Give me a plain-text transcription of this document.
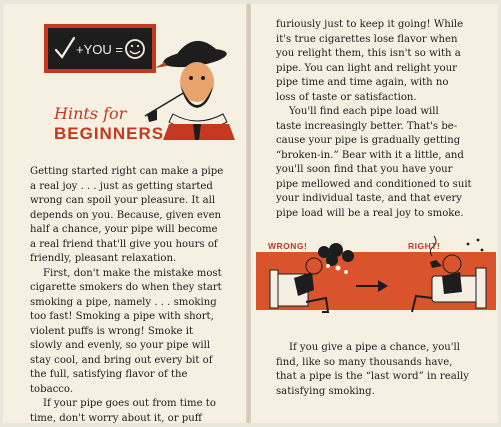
+YOU =
Hints for
BEGINNERS

Getting started right can make a pipe
a real joy . . . just as getting started
wrong can spoil your pleasure. It all
depends on you. Because, given even
half a chance, your pipe will become
a real friend that'll give you hours of
friendly, pleasant relaxation.

First, don't make the mistake most
cigarette smokers do when they start
smoking a pipe, namely . . . smoking
too fast! Smoking a pipe with short,
violent puffs is wrong! Smoke it
slowly and evenly, so your pipe will
stay cool, and bring out every bit of
the full, satisfying flavor of the
tobacco.

If your pipe goes out from time to
time, don't worry about it, or puff

furiously just to keep it going! While
it's true cigarettes lose flavor when
you relight them, this isn't so with a
pipe. You can light and relight your
pipe time and time again, with no
loss of taste or satisfaction.

You'll find each pipe load will
taste increasingly better. That's be-
cause your pipe is gradually getting
“broken-in.” Bear with it a little, and
you'll soon find that you have your
pipe mellowed and conditioned to suit
your individual taste, and that every
pipe load will be a real joy to smoke.

WRONG!	RIGHT!

If you give a pipe a chance, you'll
find, like so many thousands have,
that a pipe is the “last word” in really
satisfying smoking.
